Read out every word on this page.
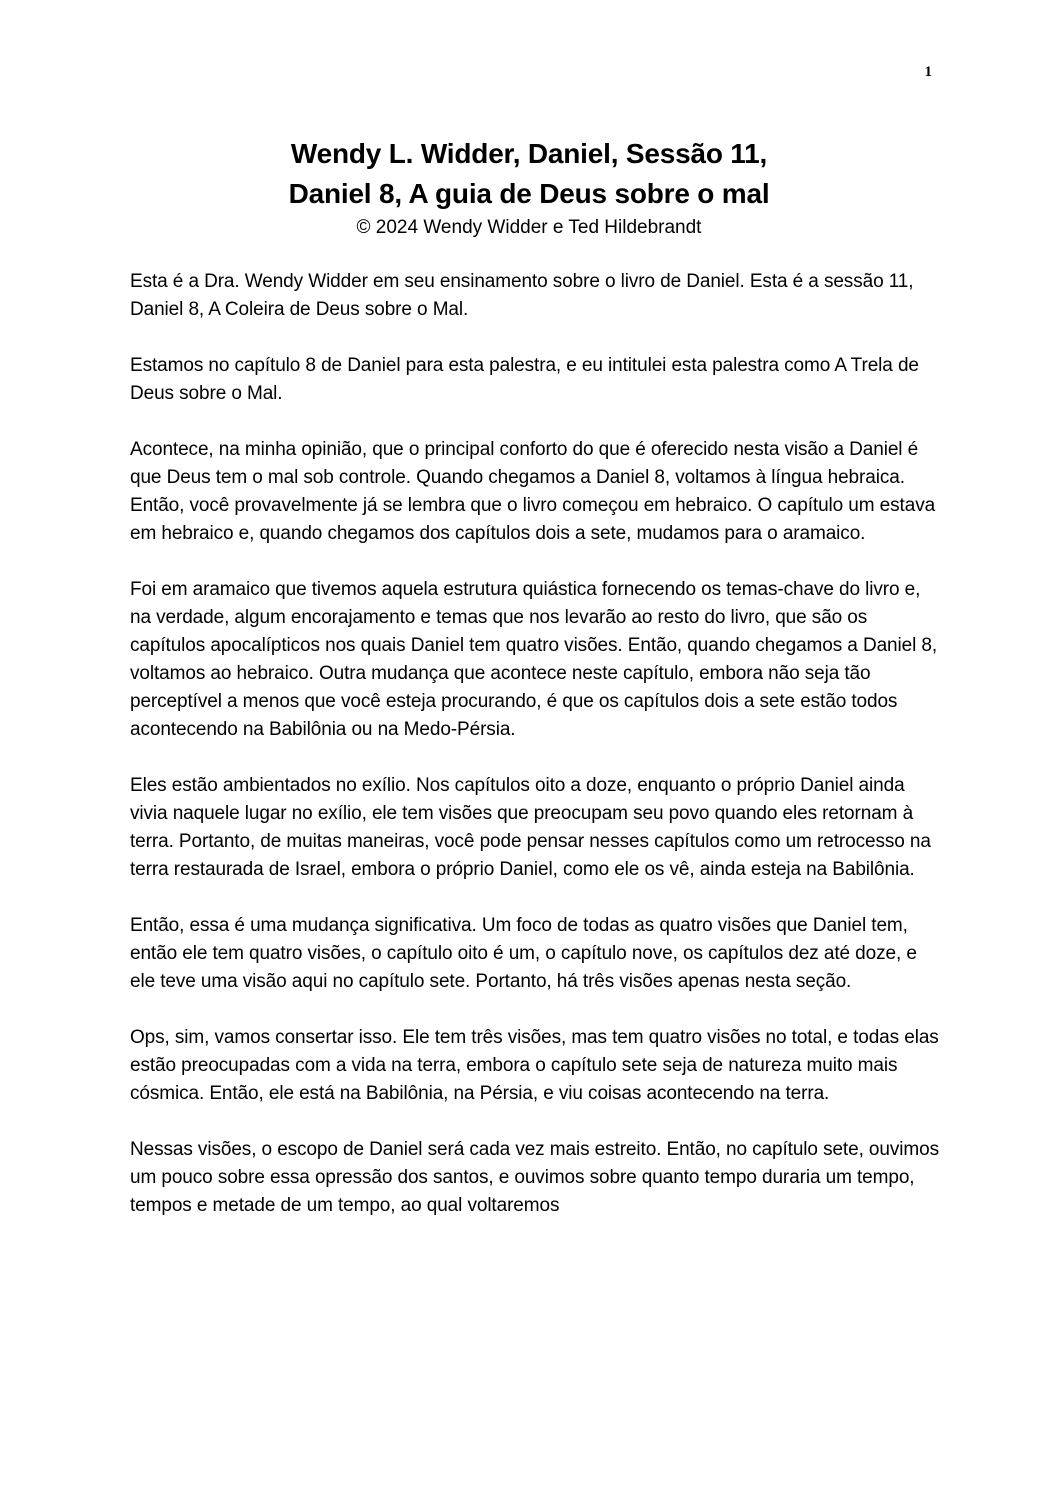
1

Wendy L. Widder, Daniel, Sessão 11,

Daniel 8, A guia de Deus sobre o mal

© 2024 Wendy Widder e Ted Hildebrandt

Esta é a Dra. Wendy Widder em seu ensinamento sobre o livro de Daniel. Esta é a sessão 11, Daniel 8, A Coleira de Deus sobre o Mal.

Estamos no capítulo 8 de Daniel para esta palestra, e eu intitulei esta palestra como A Trela de Deus sobre o Mal.

Acontece, na minha opinião, que o principal conforto do que é oferecido nesta visão a Daniel é que Deus tem o mal sob controle. Quando chegamos a Daniel 8, voltamos à língua hebraica. Então, você provavelmente já se lembra que o livro começou em hebraico. O capítulo um estava em hebraico e, quando chegamos dos capítulos dois a sete, mudamos para o aramaico.

Foi em aramaico que tivemos aquela estrutura quiástica fornecendo os temas-chave do livro e, na verdade, algum encorajamento e temas que nos levarão ao resto do livro, que são os capítulos apocalípticos nos quais Daniel tem quatro visões. Então, quando chegamos a Daniel 8, voltamos ao hebraico. Outra mudança que acontece neste capítulo, embora não seja tão perceptível a menos que você esteja procurando, é que os capítulos dois a sete estão todos acontecendo na Babilônia ou na Medo-Pérsia.

Eles estão ambientados no exílio. Nos capítulos oito a doze, enquanto o próprio Daniel ainda vivia naquele lugar no exílio, ele tem visões que preocupam seu povo quando eles retornam à terra. Portanto, de muitas maneiras, você pode pensar nesses capítulos como um retrocesso na terra restaurada de Israel, embora o próprio Daniel, como ele os vê, ainda esteja na Babilônia.

Então, essa é uma mudança significativa. Um foco de todas as quatro visões que Daniel tem, então ele tem quatro visões, o capítulo oito é um, o capítulo nove, os capítulos dez até doze, e ele teve uma visão aqui no capítulo sete. Portanto, há três visões apenas nesta seção.

Ops, sim, vamos consertar isso. Ele tem três visões, mas tem quatro visões no total, e todas elas estão preocupadas com a vida na terra, embora o capítulo sete seja de natureza muito mais cósmica. Então, ele está na Babilônia, na Pérsia, e viu coisas acontecendo na terra.

Nessas visões, o escopo de Daniel será cada vez mais estreito. Então, no capítulo sete, ouvimos um pouco sobre essa opressão dos santos, e ouvimos sobre quanto tempo duraria um tempo, tempos e metade de um tempo, ao qual voltaremos
